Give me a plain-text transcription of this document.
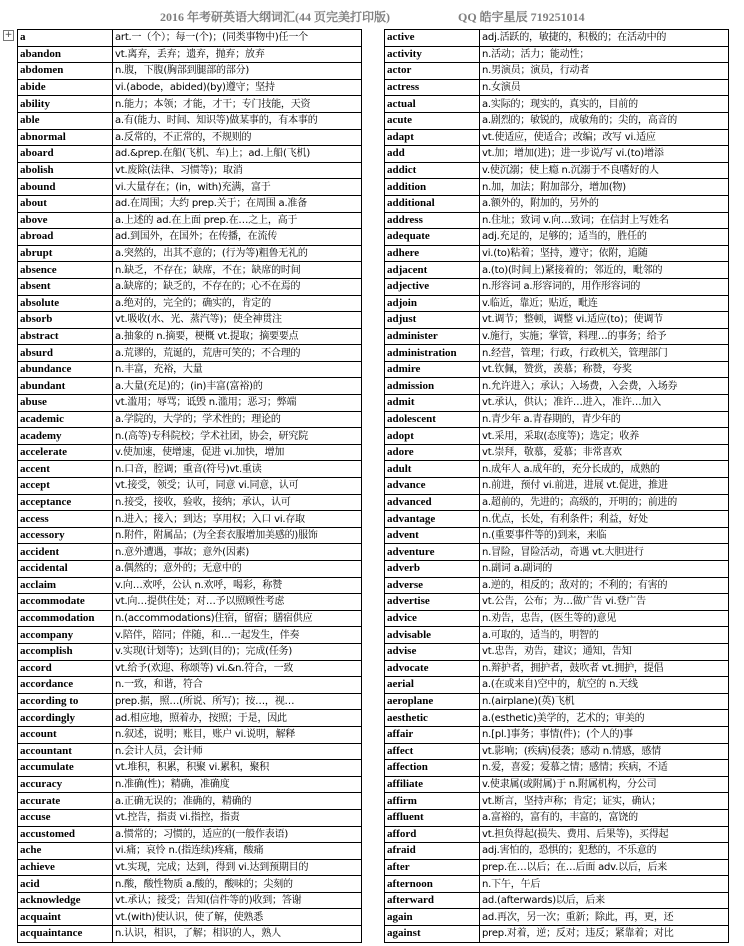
2016 年考研英语大纲词汇(44 页完美打印版)	QQ 皓宇星辰 719251014
+ a	art.一（个）；每一(个)；(同类事物中)任一个
abandon	vt.离弃，丢弃；遗弃，抛弃；放弃
abdomen	n.腹，下腹(胸部到腿部的部分)
abide	vi.(abode，abided)(by)遵守；坚持
ability	n.能力；本领；才能，才干；专门技能，天资
able	a.有(能力、时间、知识等)做某事的，有本事的
abnormal	a.反常的，不正常的，不规则的
aboard	ad.&prep.在船(飞机、车)上；ad.上船(飞机)
abolish	vt.废除(法律、习惯等)；取消
abound	vi.大量存在；(in，with)充满，富于
about	ad.在周围；大约 prep.关于；在周围 a.准备
above	a.上述的 ad.在上面 prep.在…之上，高于
abroad	ad.到国外，在国外；在传播，在流传
abrupt	a.突然的，出其不意的；(行为等)粗鲁无礼的
absence	n.缺乏，不存在；缺席，不在；缺席的时间
absent	a.缺席的；缺乏的，不存在的；心不在焉的
absolute	a.绝对的，完全的；确实的，肯定的
absorb	vt.吸收(水、光、蒸汽等)；使全神贯注
abstract	a.抽象的 n.摘要，梗概 vt.提取；摘要要点
absurd	a.荒谬的，荒诞的，荒唐可笑的；不合理的
abundance	n.丰富，充裕，大量
abundant	a.大量(充足)的；(in)丰富(富裕)的
abuse	vt.滥用；辱骂；诋毁 n.滥用；恶习；弊端
academic	a.学院的，大学的；学术性的；理论的
academy	n.(高等)专科院校；学术社团，协会，研究院
accelerate	v.使加速，使增速，促进 vi.加快，增加
accent	n.口音，腔调；重音(符号)vt.重读
accept	vt.接受，领受；认可，同意 vi.同意，认可
acceptance	n.接受，接收，验收，接纳；承认，认可
access	n.进入；接入；到达；享用权；入口 vi.存取
accessory	n.附件，附属品；(为全套衣服增加美感的)服饰
accident	n.意外遭遇，事故；意外(因素)
accidental	a.偶然的；意外的；无意中的
acclaim	v.向…欢呼，公认 n.欢呼，喝彩，称赞
accommodate	vt.向…提供住处；对…予以照顾性考虑
accommodation	n.(accommodations)住宿，留宿；膳宿供应
accompany	v.陪伴，陪同；伴随，和…一起发生，伴奏
accomplish	v.实现(计划等)；达到(目的)；完成(任务)
accord	vt.给予(欢迎、称颂等) vi.&n.符合，一致
accordance	n.一致，和谐，符合
according to	prep.据，照…(所说、所写)；按…，视…
accordingly	ad.相应地，照着办，按照；于是，因此
account	n.叙述，说明；账目，账户 vi.说明，解释
accountant	n.会计人员，会计师
accumulate	vt.堆积，积累，积聚 vi.累积，聚积
accuracy	n.准确(性)；精确，准确度
accurate	a.正确无误的；准确的，精确的
accuse	vt.控告，指责 vi.指控，指责
accustomed	a.惯常的；习惯的，适应的(一般作表语)
ache	vi.痛；哀怜 n.(指连续)疼痛，酸痛
achieve	vt.实现，完成；达到，得到 vi.达到预期目的
acid	n.酸，酸性物质 a.酸的，酸味的；尖刻的
acknowledge	vt.承认；接受；告知(信件等的)收到；答谢
acquaint	vt.(with)使认识，使了解，使熟悉
acquaintance	n.认识，相识，了解；相识的人，熟人
active	adj.活跃的，敏捷的，积极的；在活动中的
activity	n.活动；活力；能动性；
actor	n.男演员；演员，行动者
actress	n.女演员
actual	a.实际的；现实的，真实的，目前的
acute	a.剧烈的；敏锐的，成敏角的；尖的，高音的
adapt	vt.使适应，使适合；改编；改写 vi.适应
add	vt.加；增加(进)；进一步说/写 vi.(to)增添
addict	v.使沉溺；使上瘾 n.沉溺于不良嗜好的人
addition	n.加，加法；附加部分，增加(物)
additional	a.额外的，附加的，另外的
address	n.住址；致词 v.向…致词；在信封上写姓名
adequate	adj.充足的，足够的；适当的，胜任的
adhere	vi.(to)粘着；坚持，遵守；依附，追随
adjacent	a.(to)(时间上)紧接着的；邻近的，毗邻的
adjective	n.形容词 a.形容词的，用作形容词的
adjoin	v.临近，靠近；贴近，毗连
adjust	vt.调节；整顿，调整 vi.适应(to)；使调节
administer	v.施行，实施；掌管，料理…的事务；给予
administration	n.经营，管理；行政，行政机关，管理部门
admire	vt.钦佩，赞赏，羡慕；称赞，夸奖
admission	n.允许进入；承认；入场费，入会费，入场券
admit	vt.承认，供认；准许…进入，准许…加入
adolescent	n.青少年 a.青春期的，青少年的
adopt	vt.采用，采取(态度等)；选定；收养
adore	vt.崇拜，敬慕，爱慕；非常喜欢
adult	n.成年人 a.成年的，充分长成的，成熟的
advance	n.前进，预付 vi.前进，进展 vt.促进，推进
advanced	a.超前的，先进的；高级的，开明的；前进的
advantage	n.优点，长处，有利条件；利益，好处
advent	n.(重要事件等的)到来，来临
adventure	n.冒险，冒险活动，奇遇 vt.大胆进行
adverb	n.副词 a.副词的
adverse	a.逆的，相反的；敌对的；不利的；有害的
advertise	vt.公告，公布；为…做广告 vi.登广告
advice	n.劝告，忠告，(医生等的)意见
advisable	a.可取的，适当的，明智的
advise	vt.忠告，劝告，建议；通知，告知
advocate	n.辩护者，拥护者，鼓吹者 vt.拥护，提倡
aerial	a.(在或来自)空中的，航空的 n.天线
aeroplane	n.(airplane)(英)飞机
aesthetic	a.(esthetic)美学的，艺术的；审美的
affair	n.[pl.]事务；事情(件)；(个人的)事
affect	vt.影响；(疾病)侵袭；感动 n.情感，感情
affection	n.爱，喜爱；爱慕之情；感情；疾病，不适
affiliate	v.使隶属(或附属)于 n.附属机构，分公司
affirm	vt.断言，坚持声称；肯定；证实，确认；
affluent	a.富裕的，富有的，丰富的，富饶的
afford	vt.担负得起(损失、费用、后果等)，买得起
afraid	adj.害怕的，恐惧的；犯愁的，不乐意的
after	prep.在…以后；在…后面 adv.以后，后来
afternoon	n.下午，午后
afterward	ad.(afterwards)以后，后来
again	ad.再次，另一次；重新；除此，再，更，还
against	prep.对着，逆；反对；违反；紧靠着；对比
